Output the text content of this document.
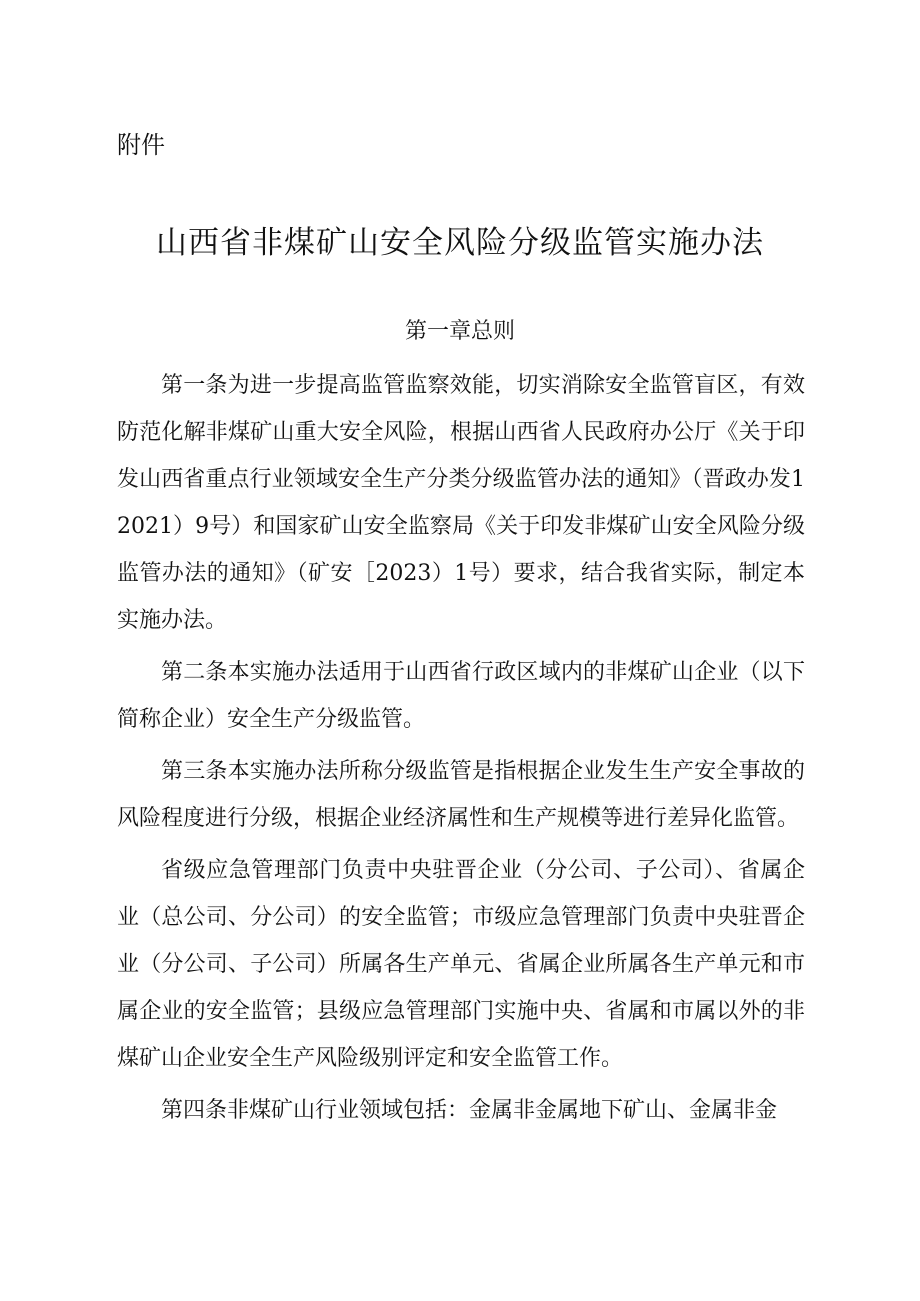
附件

山西省非煤矿山安全风险分级监管实施办法
第一章总则

第一条为进一步提高监管监察效能，切实消除安全监管盲区，有效防范化解非煤矿山重大安全风险，根据山西省人民政府办公厅《关于印发山西省重点行业领域安全生产分类分级监管办法的通知》（晋政办发12021）9号）和国家矿山安全监察局《关于印发非煤矿山安全风险分级监管办法的通知》（矿安［2023）1号）要求，结合我省实际，制定本实施办法。

第二条本实施办法适用于山西省行政区域内的非煤矿山企业（以下简称企业）安全生产分级监管。

第三条本实施办法所称分级监管是指根据企业发生生产安全事故的风险程度进行分级，根据企业经济属性和生产规模等进行差异化监管。

省级应急管理部门负责中央驻晋企业（分公司、子公司）、省属企业（总公司、分公司）的安全监管；市级应急管理部门负责中央驻晋企业（分公司、子公司）所属各生产单元、省属企业所属各生产单元和市属企业的安全监管；县级应急管理部门实施中央、省属和市属以外的非煤矿山企业安全生产风险级别评定和安全监管工作。

第四条非煤矿山行业领域包括：金属非金属地下矿山、金属非金
